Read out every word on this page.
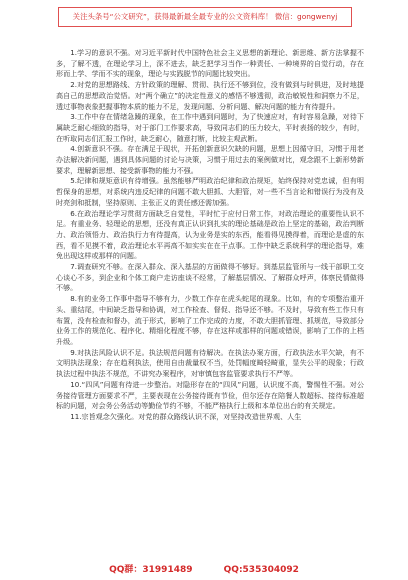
关注头条号“公文研究”，获得最新最全最专业的公文资料库！ 微信：gongwenyj

1.学习的意识不强。对习近平新时代中国特色社会主义思想的新理论、新思维、新方法掌握不多，了解不透，在理论学习上，深不进去，缺乏把学习当作一种责任、一种境界的自觉行动，存在形而上学、学而不实的现象，理论与实践脱节的问题比较突出。

2.对党的思想路线、方针政策的理解、贯彻、执行还不够到位，没有做到与时俱进，及时地提高自己的思想政治觉悟。对“两个确立”的决定性意义的感悟不够透彻，政治敏锐性和洞察力不足，透过事物表象把握事物本质的能力不足，发现问题、分析问题、解决问题的能力有待提升。

3.工作中存在情绪急躁的现象，在工作中遇到问题时，为了快速应对，有时容易急躁，对待下属缺乏耐心细致的指导，对于部门工作要求高，导致同志们的压力较大，平时表扬的较少，有时，在听取同志们汇报工作时，缺乏耐心，随意打断，比较主观武断。

4.创新意识不强。存在满足于现状，开拓创新意识欠缺的问题，思想上因循守旧，习惯于用老办法解决新问题，遇到具体问题的讨论与决策，习惯于用过去的案例做对比，观念跟不上新形势新要求，理解新思想、接受新事物的能力不强。

5.纪律和规矩意识有待增强。虽然能够严明政治纪律和政治规矩，始终保持对党忠诚，但有明哲保身的思想，对系统内违反纪律的问题不敢大胆抓、大胆管，对一些不当言论和错误行为没有及时亮剑和抵制，坚持原则、主张正义的责任感还需加强。

6.在政治理论学习贯彻方面缺乏自觉性，平时忙于应付日常工作，对政治理论的重要性认识不足。有重业务、轻理论的思想，还没有真正认识到扎实的理论基础是政治上坚定的基础，政治判断力、政治领悟力、政治执行力有待提高，认为业务是实的东西，能看得见摸得着，而理论是虚的东西，看不见摸不着，政治理论水平再高不如实实在在干点事。工作中缺乏系统科学的理论指导，难免出现这样或那样的问题。

7.调查研究不够。在深入群众、深入基层的方面做得不够好。到基层监管所与一线干部职工交心谈心不多，到企业和个体工商户走访座谈不经常，了解基层情况、了解群众呼声，体察民情做得不够。

8.有的业务工作事中指导不够有力，少数工作存在虎头蛇尾的现象。比如，有的专项整治重开头、重结尾，中间缺乏指导和协调，对工作检查、督促、指导还不够。不及时，导致有些工作只有布置，没有检查和督办，流于形式，影响了工作完成的力度，不敢大胆抓管理、抓规范，导致部分业务工作的规范化、程序化、精细化程度不够，存在这样或那样的问题或错误，影响了工作的上档升级。

9.对执法风险认识不足。执法规范问题有待解决。在执法办案方面，行政执法水平欠缺，有不文明执法现象；存在趋利执法，使用自由裁量权不当，处罚幅度畸轻畸重，显失公平的现象；行政执法过程中执法不规范，不讲究办案程序，对审慎包容监管要求执行不严等。

10.“四风”问题有待进一步整治。对隐形存在的“四风”问题，认识度不高，警惕性不强。对公务接待管理方面要求不严，主要表现在公务接待既有节俭，但尔还存在陪餐人数超标、接待标准超标的问题，对会务公务活动等勤俭节约不够，不能严格执行上级和本单位出台的有关规定。

11.宗旨观念欠强化。对党的群众路线认识不深，对坚持改造世界观、人生

QQ群：31991489	QQ:535304092
